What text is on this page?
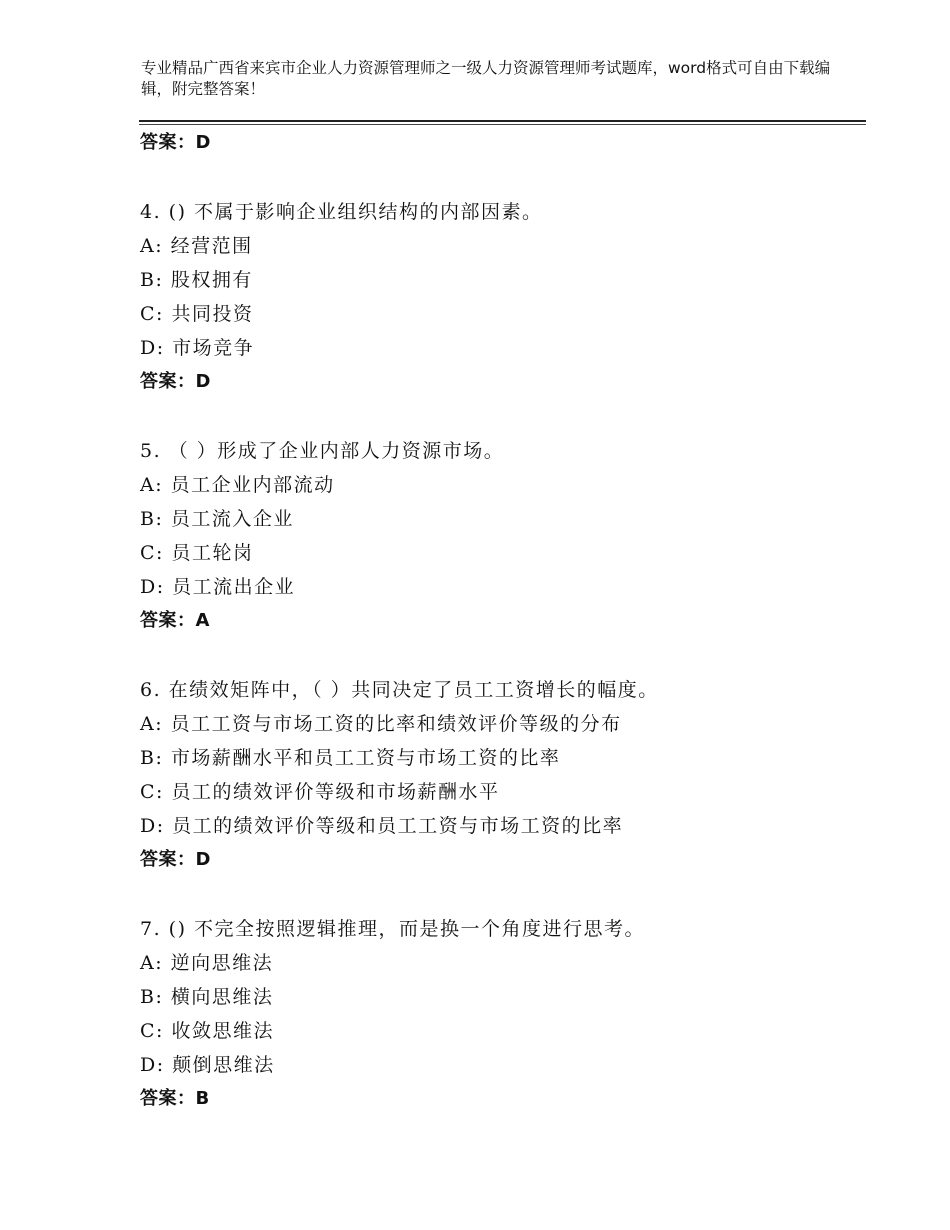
专业精品广西省来宾市企业人力资源管理师之一级人力资源管理师考试题库，word格式可自由下载编辑，附完整答案！
答案：D
4. () 不属于影响企业组织结构的内部因素。
A: 经营范围
B: 股权拥有
C: 共同投资
D: 市场竞争
答案：D
5. （ ）形成了企业内部人力资源市场。
A: 员工企业内部流动
B: 员工流入企业
C: 员工轮岗
D: 员工流出企业
答案：A
6. 在绩效矩阵中，（ ）共同决定了员工工资增长的幅度。
A: 员工工资与市场工资的比率和绩效评价等级的分布
B: 市场薪酬水平和员工工资与市场工资的比率
C: 员工的绩效评价等级和市场薪酬水平
D: 员工的绩效评价等级和员工工资与市场工资的比率
答案：D
7. () 不完全按照逻辑推理，而是换一个角度进行思考。
A: 逆向思维法
B: 横向思维法
C: 收敛思维法
D: 颠倒思维法
答案：B
